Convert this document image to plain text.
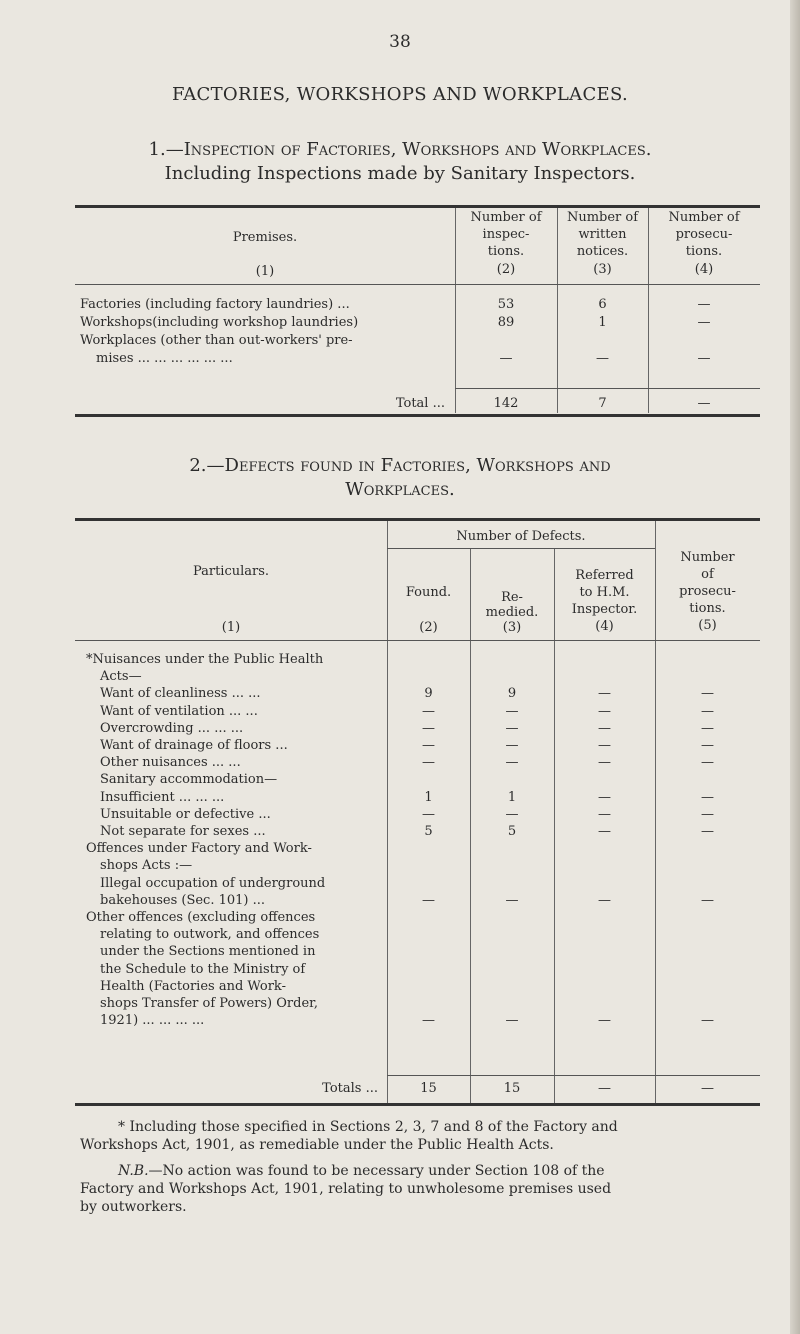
38
FACTORIES, WORKSHOPS AND WORKPLACES.
1.—Inspection of Factories, Workshops and Workplaces.
Including Inspections made by Sanitary Inspectors.
Premises.
(1)
Number of
inspec-
tions.
(2)
Number of
written
notices.
(3)
Number of
prosecu-
tions.
(4)
Factories (including factory laundries) ...	53	6	—
Workshops(including workshop laundries)	89	1	—
Workplaces (other than out-workers' pre-
mises ... ... ... ... ... ...	—	—	—
Total ...	142	7	—
2.—Defects found in Factories, Workshops and
Workplaces.
Number of Defects.
Particulars.
(1)
Found.
(2)
Re-
medied.
(3)
Referred
to H.M.
Inspector.
(4)
Number
of
prosecu-
tions.
(5)
*Nuisances under the Public Health
Acts—
Want of cleanliness ... ...	9	9	—	—
Want of ventilation ... ...	—	—	—	—
Overcrowding ... ... ...	—	—	—	—
Want of drainage of floors ...	—	—	—	—
Other nuisances ... ...	—	—	—	—
Sanitary accommodation—
Insufficient ... ... ...	1	1	—	—
Unsuitable or defective ...	—	—	—	—
Not separate for sexes ...	5	5	—	—
Offences under Factory and Work-
shops Acts :—
Illegal occupation of underground
bakehouses (Sec. 101) ...	—	—	—	—
Other offences (excluding offences
relating to outwork, and offences
under the Sections mentioned in
the Schedule to the Ministry of
Health (Factories and Work-
shops Transfer of Powers) Order,
1921) ... ... ... ...	—	—	—	—
Totals ...	15	15	—	—
* Including those specified in Sections 2, 3, 7 and 8 of the Factory and
Workshops Act, 1901, as remediable under the Public Health Acts.
N.B.—No action was found to be necessary under Section 108 of the
Factory and Workshops Act, 1901, relating to unwholesome premises used
by outworkers.
